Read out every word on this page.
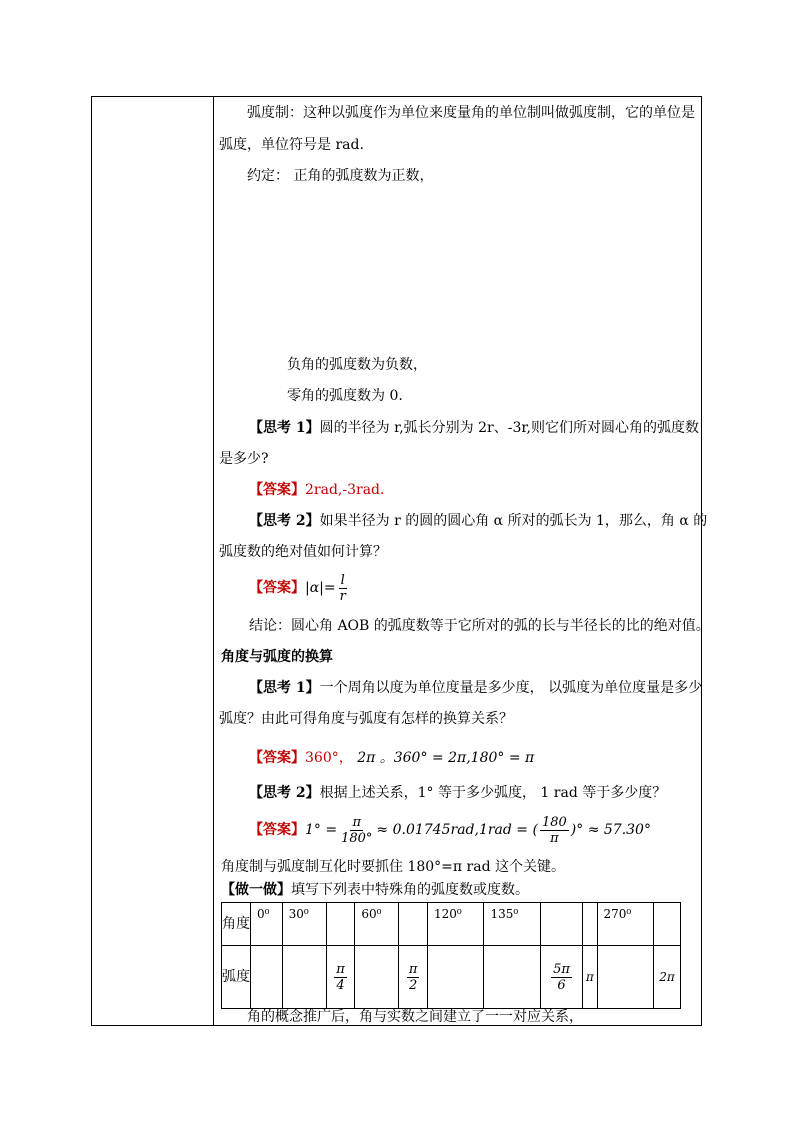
弧度制：这种以弧度作为单位来度量角的单位制叫做弧度制，它的单位是
弧度，单位符号是 rad.
约定： 正角的弧度数为正数，
负角的弧度数为负数，
零角的弧度数为 0.
【思考 1】圆的半径为 r,弧长分别为 2r、-3r,则它们所对圆心角的弧度数
是多少?
【答案】2rad,-3rad.
【思考 2】如果半径为 r 的圆的圆心角 α 所对的弧长为 1，那么，角 α 的
弧度数的绝对值如何计算？
【答案】$|\alpha|= \frac{l}{r}$
结论：圆心角 AOB 的弧度数等于它所对的弧的长与半径长的比的绝对值。
角度与弧度的换算
【思考 1】一个周角以度为单位度量是多少度， 以弧度为单位度量是多少
弧度？由此可得角度与弧度有怎样的换算关系？
【答案】360°， 2π 。360° = 2π,180° = π
【思考 2】根据上述关系，1° 等于多少弧度， 1 rad 等于多少度？
【答案】$1^\circ = \frac{\pi}{180^\circ} \approx 0.01745rad,1rad$ = ( $\frac{180}{\pi}$ )° ≈ 57.30°
角度制与弧度制互化时要抓住 180°=π rad 这个关键。
【做一做】填写下列表中特殊角的弧度数或度数。
角的概念推广后，角与实数之间建立了一一对应关系，
角度	0⁰	30⁰		60⁰		120⁰	135⁰			270⁰	

弧度			$\frac{\pi}{4}$		$\frac{\pi}{2}$			$\frac{5\pi}{6}$	π		2π
